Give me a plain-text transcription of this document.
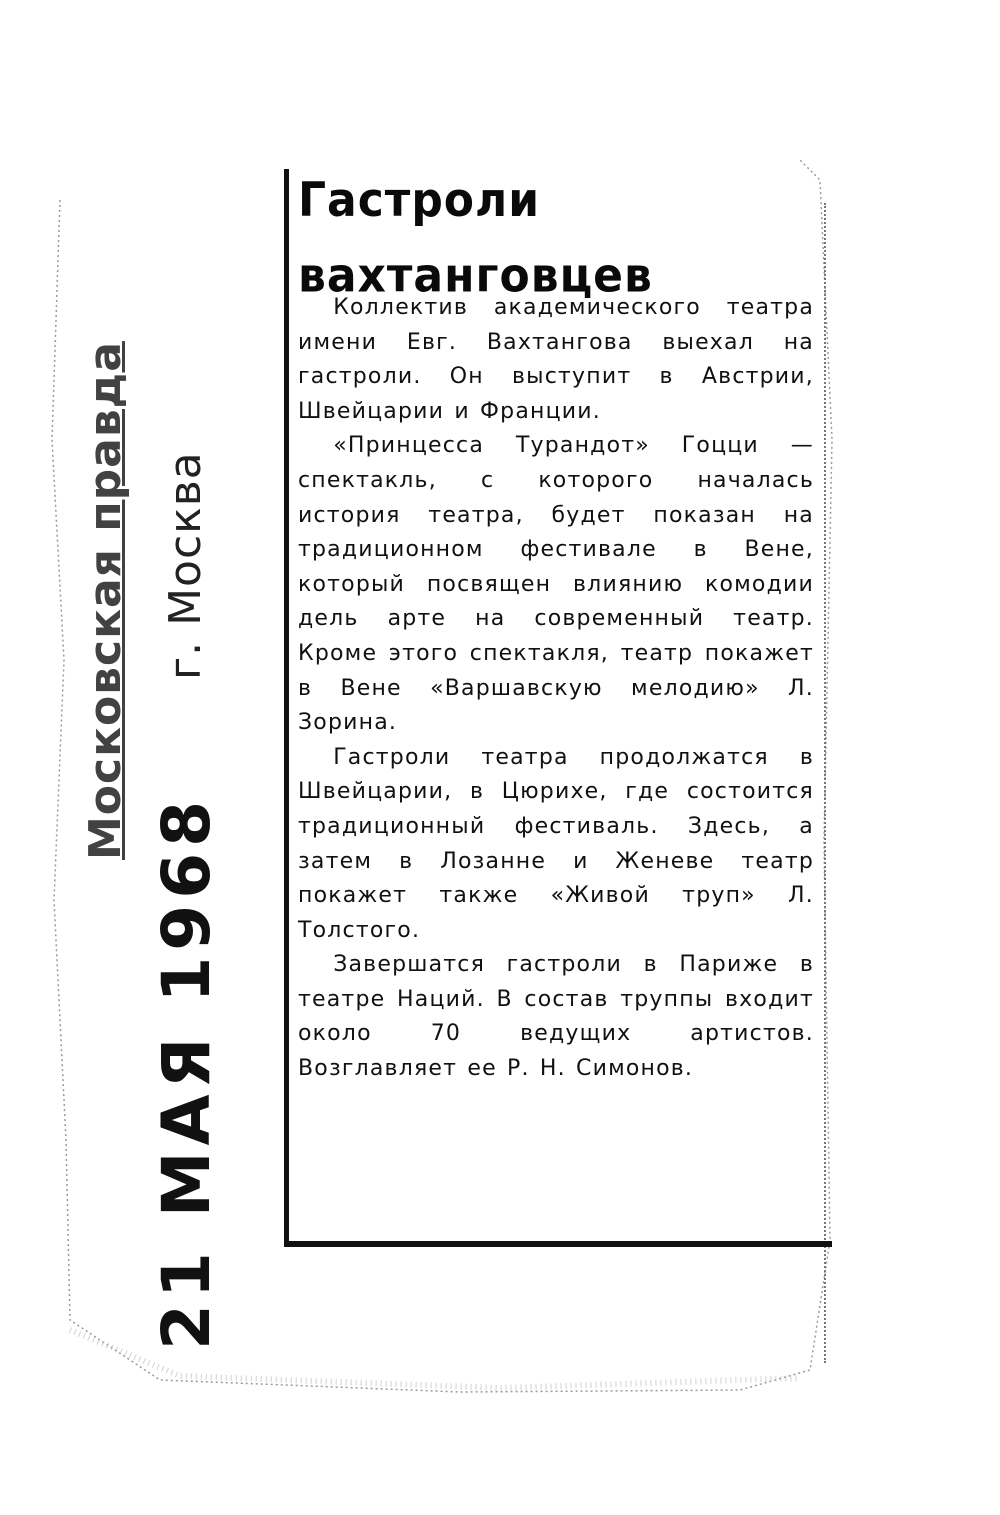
21 МАЯ 1968
Московская правда г. Москва
Гастроли вахтанговцев

Коллектив академического театра имени Евг. Вахтангова выехал на гастроли. Он выступит в Австрии, Швейцарии и Франции.

«Принцесса Турандот» Гоцци — спектакль, с которого началась история театра, будет показан на традиционном фестивале в Вене, который посвящен влиянию комодии дель арте на современный театр. Кроме этого спектакля, театр покажет в Вене «Варшавскую мелодию» Л. Зорина.

Гастроли театра продолжатся в Швейцарии, в Цюрихе, где состоится традиционный фестиваль. Здесь, а затем в Лозанне и Женеве театр покажет также «Живой труп» Л. Толстого.

Завершатся гастроли в Париже в театре Наций. В состав труппы входит около 70 ведущих артистов. Возглавляет ее Р. Н. Симонов.
